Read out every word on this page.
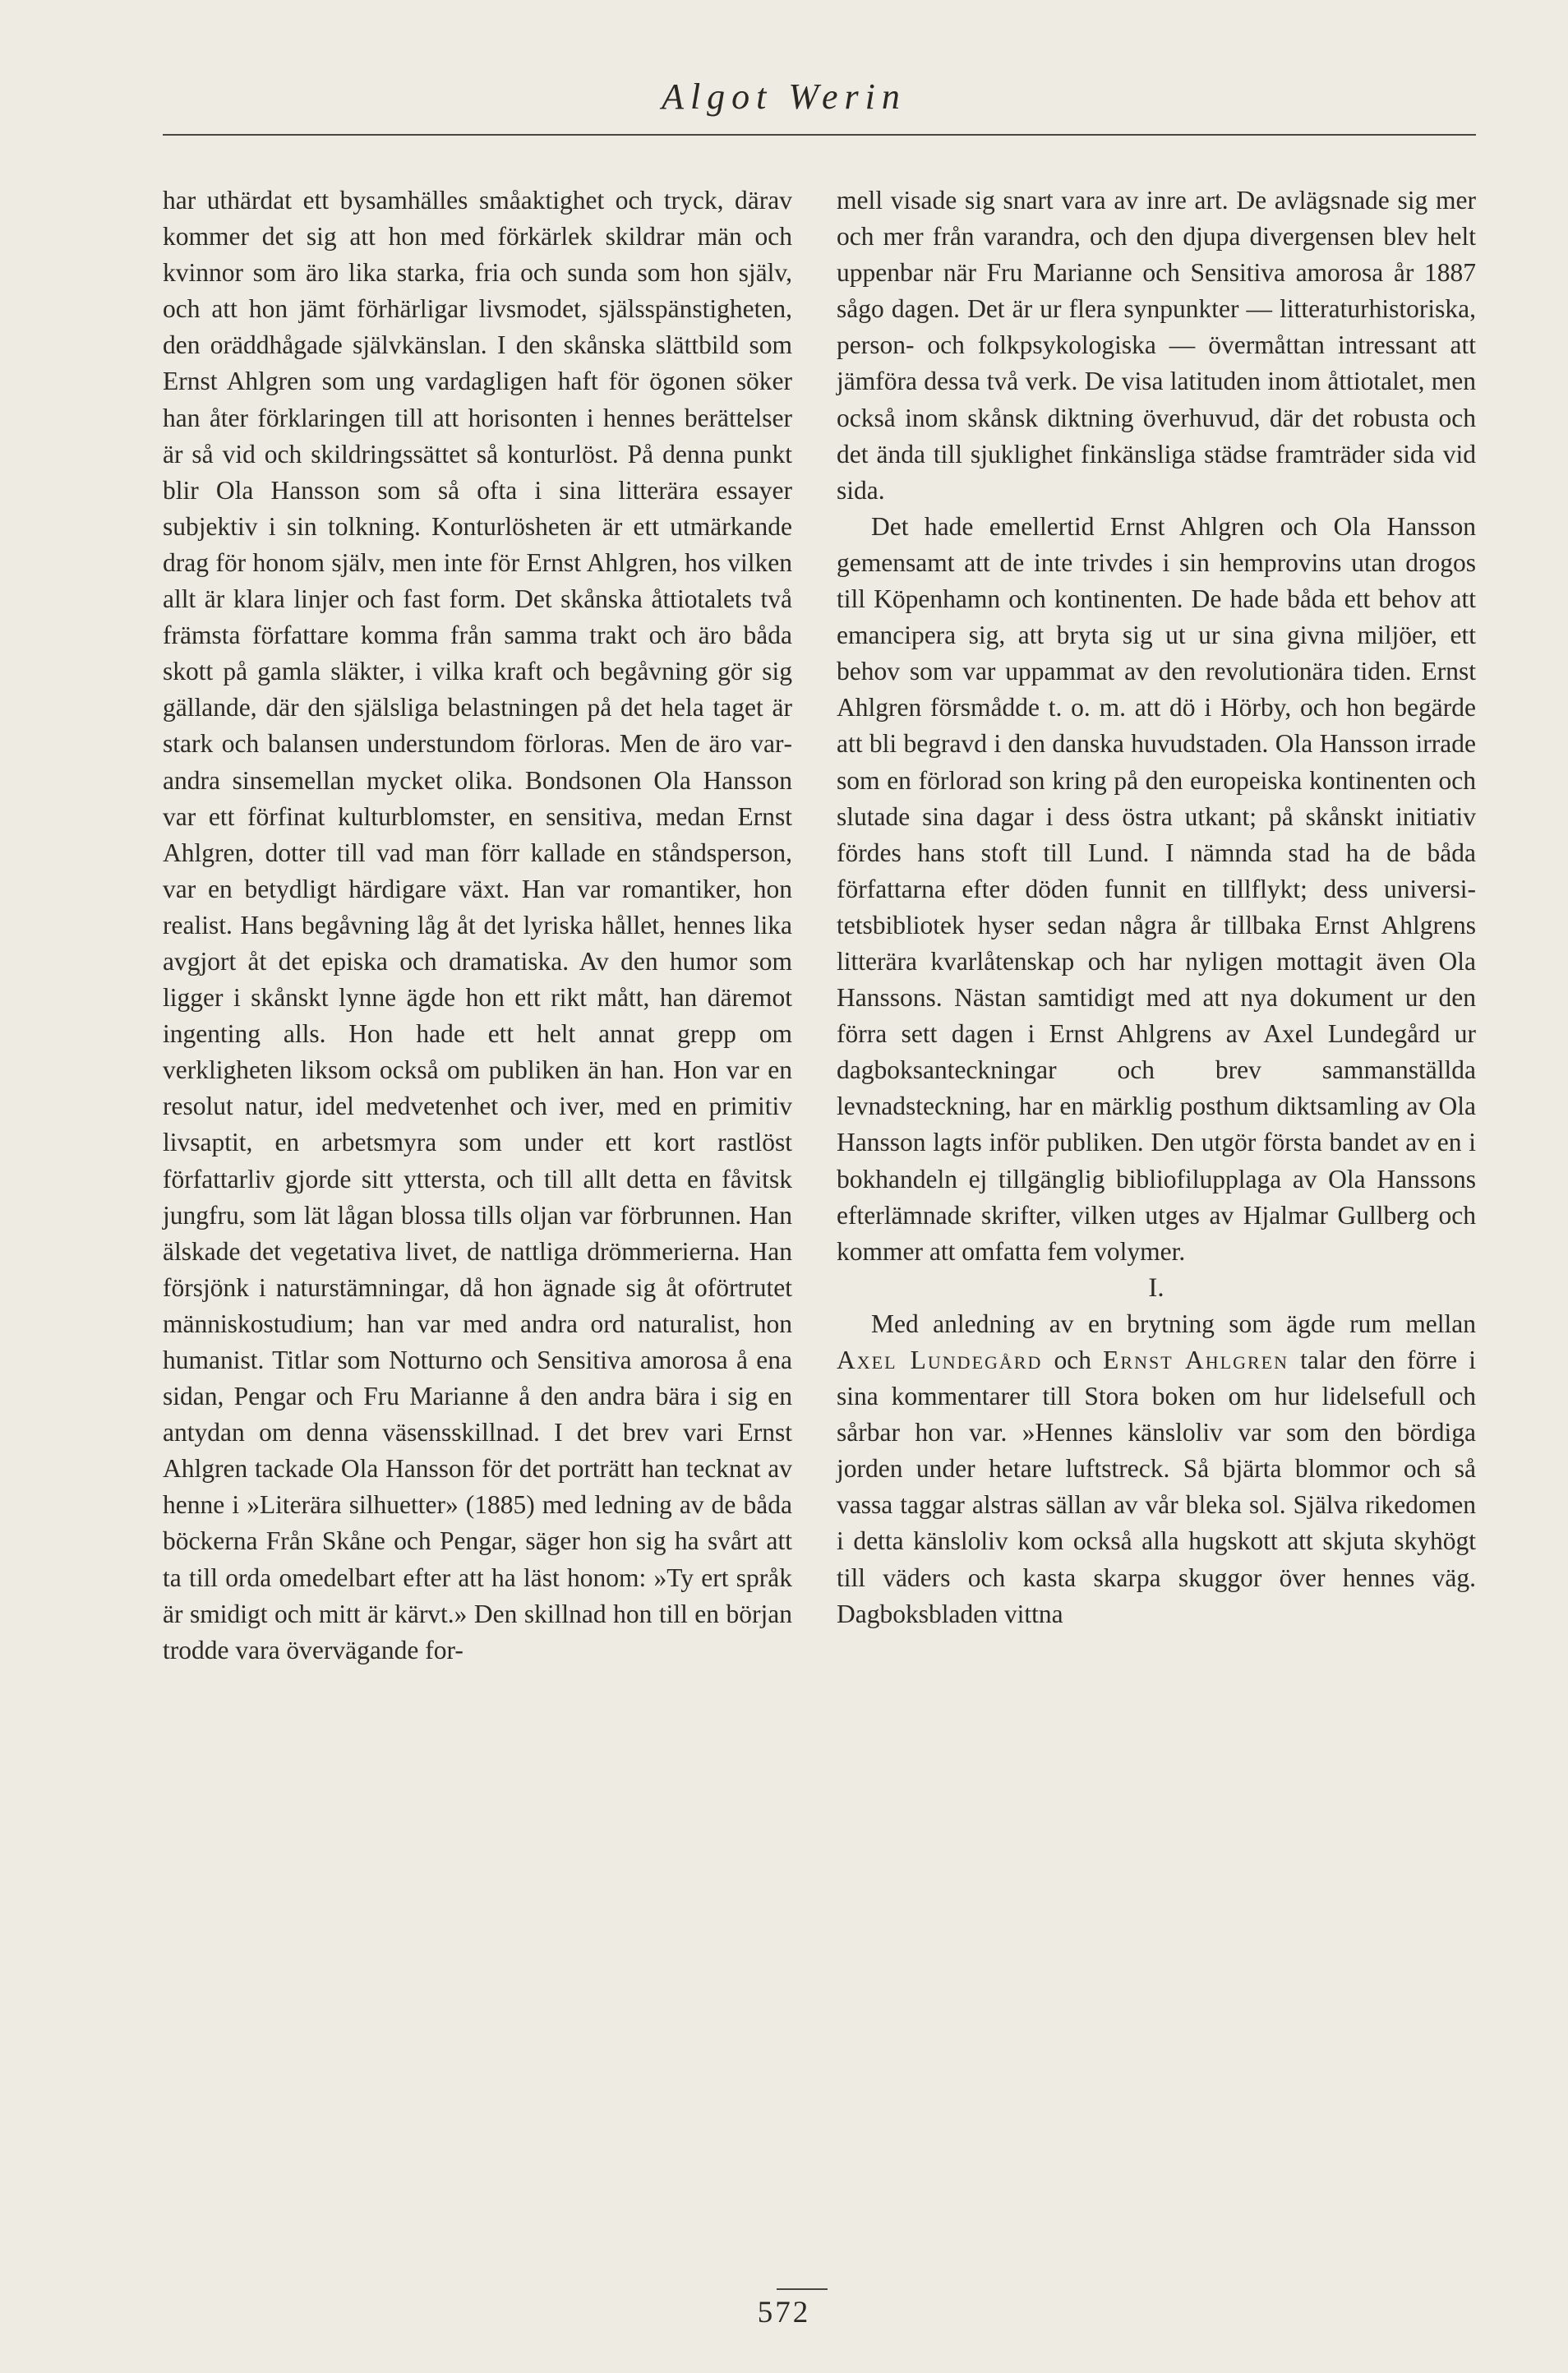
Algot Werin

har uthärdat ett bysamhälles småaktighet och tryck, därav kommer det sig att hon med förkärlek skildrar män och kvinnor som äro lika starka, fria och sunda som hon själv, och att hon jämt förhärligar livsmodet, själsspänstigheten, den oräddhågade självkänslan. I den skånska slättbild som Ernst Ahlgren som ung vardagligen haft för ögonen söker han åter förklaringen till att horisonten i hennes berättelser är så vid och skildringssättet så konturlöst. På denna punkt blir Ola Hansson som så ofta i sina litterära essayer subjektiv i sin tolkning. Konturlösheten är ett utmärkande drag för honom själv, men inte för Ernst Ahlgren, hos vilken allt är klara linjer och fast form. Det skånska åttiotalets två främsta författare komma från samma trakt och äro båda skott på gamla släkter, i vilka kraft och begåvning gör sig gällande, där den själsliga belastningen på det hela taget är stark och balansen understundom förloras. Men de äro varandra sinsemellan mycket olika. Bondsonen Ola Hansson var ett förfinat kulturblomster, en sensitiva, medan Ernst Ahlgren, dotter till vad man förr kallade en ståndsperson, var en betydligt härdigare växt. Han var romantiker, hon realist. Hans begåvning låg åt det lyriska hållet, hennes lika avgjort åt det episka och dramatiska. Av den humor som ligger i skånskt lynne ägde hon ett rikt mått, han däremot ingenting alls. Hon hade ett helt annat grepp om verkligheten liksom också om publiken än han. Hon var en resolut natur, idel medvetenhet och iver, med en primitiv livsaptit, en arbetsmyra som under ett kort rastlöst författarliv gjorde sitt yttersta, och till allt detta en fåvitsk jungfru, som lät lågan blossa tills oljan var förbrunnen. Han älskade det vegetativa livet, de nattliga drömmerierna. Han försjönk i naturstämningar, då hon ägnade sig åt oförtrutet människostudium; han var med andra ord naturalist, hon humanist. Titlar som Notturno och Sensitiva amorosa å ena sidan, Pengar och Fru Marianne å den andra bära i sig en antydan om denna väsensskillnad. I det brev vari Ernst Ahlgren tackade Ola Hansson för det porträtt han tecknat av henne i »Literära silhuetter» (1885) med ledning av de båda böckerna Från Skåne och Pengar, säger hon sig ha svårt att ta till orda omedelbart efter att ha läst honom: »Ty ert språk är smidigt och mitt är kärvt.» Den skillnad hon till en början trodde vara övervägande for-

mell visade sig snart vara av inre art. De avlägsnade sig mer och mer från varandra, och den djupa divergensen blev helt uppenbar när Fru Marianne och Sensitiva amorosa år 1887 sågo dagen. Det är ur flera synpunkter — litteraturhistoriska, person- och folkpsykologiska — övermåttan intressant att jämföra dessa två verk. De visa latituden inom åttiotalet, men också inom skånsk diktning överhuvud, där det robusta och det ända till sjuklighet finkänsliga städse framträder sida vid sida.

Det hade emellertid Ernst Ahlgren och Ola Hansson gemensamt att de inte trivdes i sin hemprovins utan drogos till Köpenhamn och kontinenten. De hade båda ett behov att emancipera sig, att bryta sig ut ur sina givna miljöer, ett behov som var uppammat av den revolutionära tiden. Ernst Ahlgren försmådde t. o. m. att dö i Hörby, och hon begärde att bli begravd i den danska huvudstaden. Ola Hansson irrade som en förlorad son kring på den europeiska kontinenten och slutade sina dagar i dess östra utkant; på skånskt initiativ fördes hans stoft till Lund. I nämnda stad ha de båda författarna efter döden funnit en tillflykt; dess universitetsbibliotek hyser sedan några år tillbaka Ernst Ahlgrens litterära kvarlåtenskap och har nyligen mottagit även Ola Hanssons. Nästan samtidigt med att nya dokument ur den förra sett dagen i Ernst Ahlgrens av Axel Lundegård ur dagboksanteckningar och brev sammanställda levnadsteckning, har en märklig posthum diktsamling av Ola Hansson lagts inför publiken. Den utgör första bandet av en i bokhandeln ej tillgänglig bibliofilupplaga av Ola Hanssons efterlämnade skrifter, vilken utges av Hjalmar Gullberg och kommer att omfatta fem volymer.

I.

Med anledning av en brytning som ägde rum mellan Axel Lundegård och Ernst Ahlgren talar den förre i sina kommentarer till Stora boken om hur lidelsefull och sårbar hon var. »Hennes känsloliv var som den bördiga jorden under hetare luftstreck. Så bjärta blommor och så vassa taggar alstras sällan av vår bleka sol. Själva rikedomen i detta känsloliv kom också alla hugskott att skjuta skyhögt till väders och kasta skarpa skuggor över hennes väg. Dagboksbladen vittna

572
